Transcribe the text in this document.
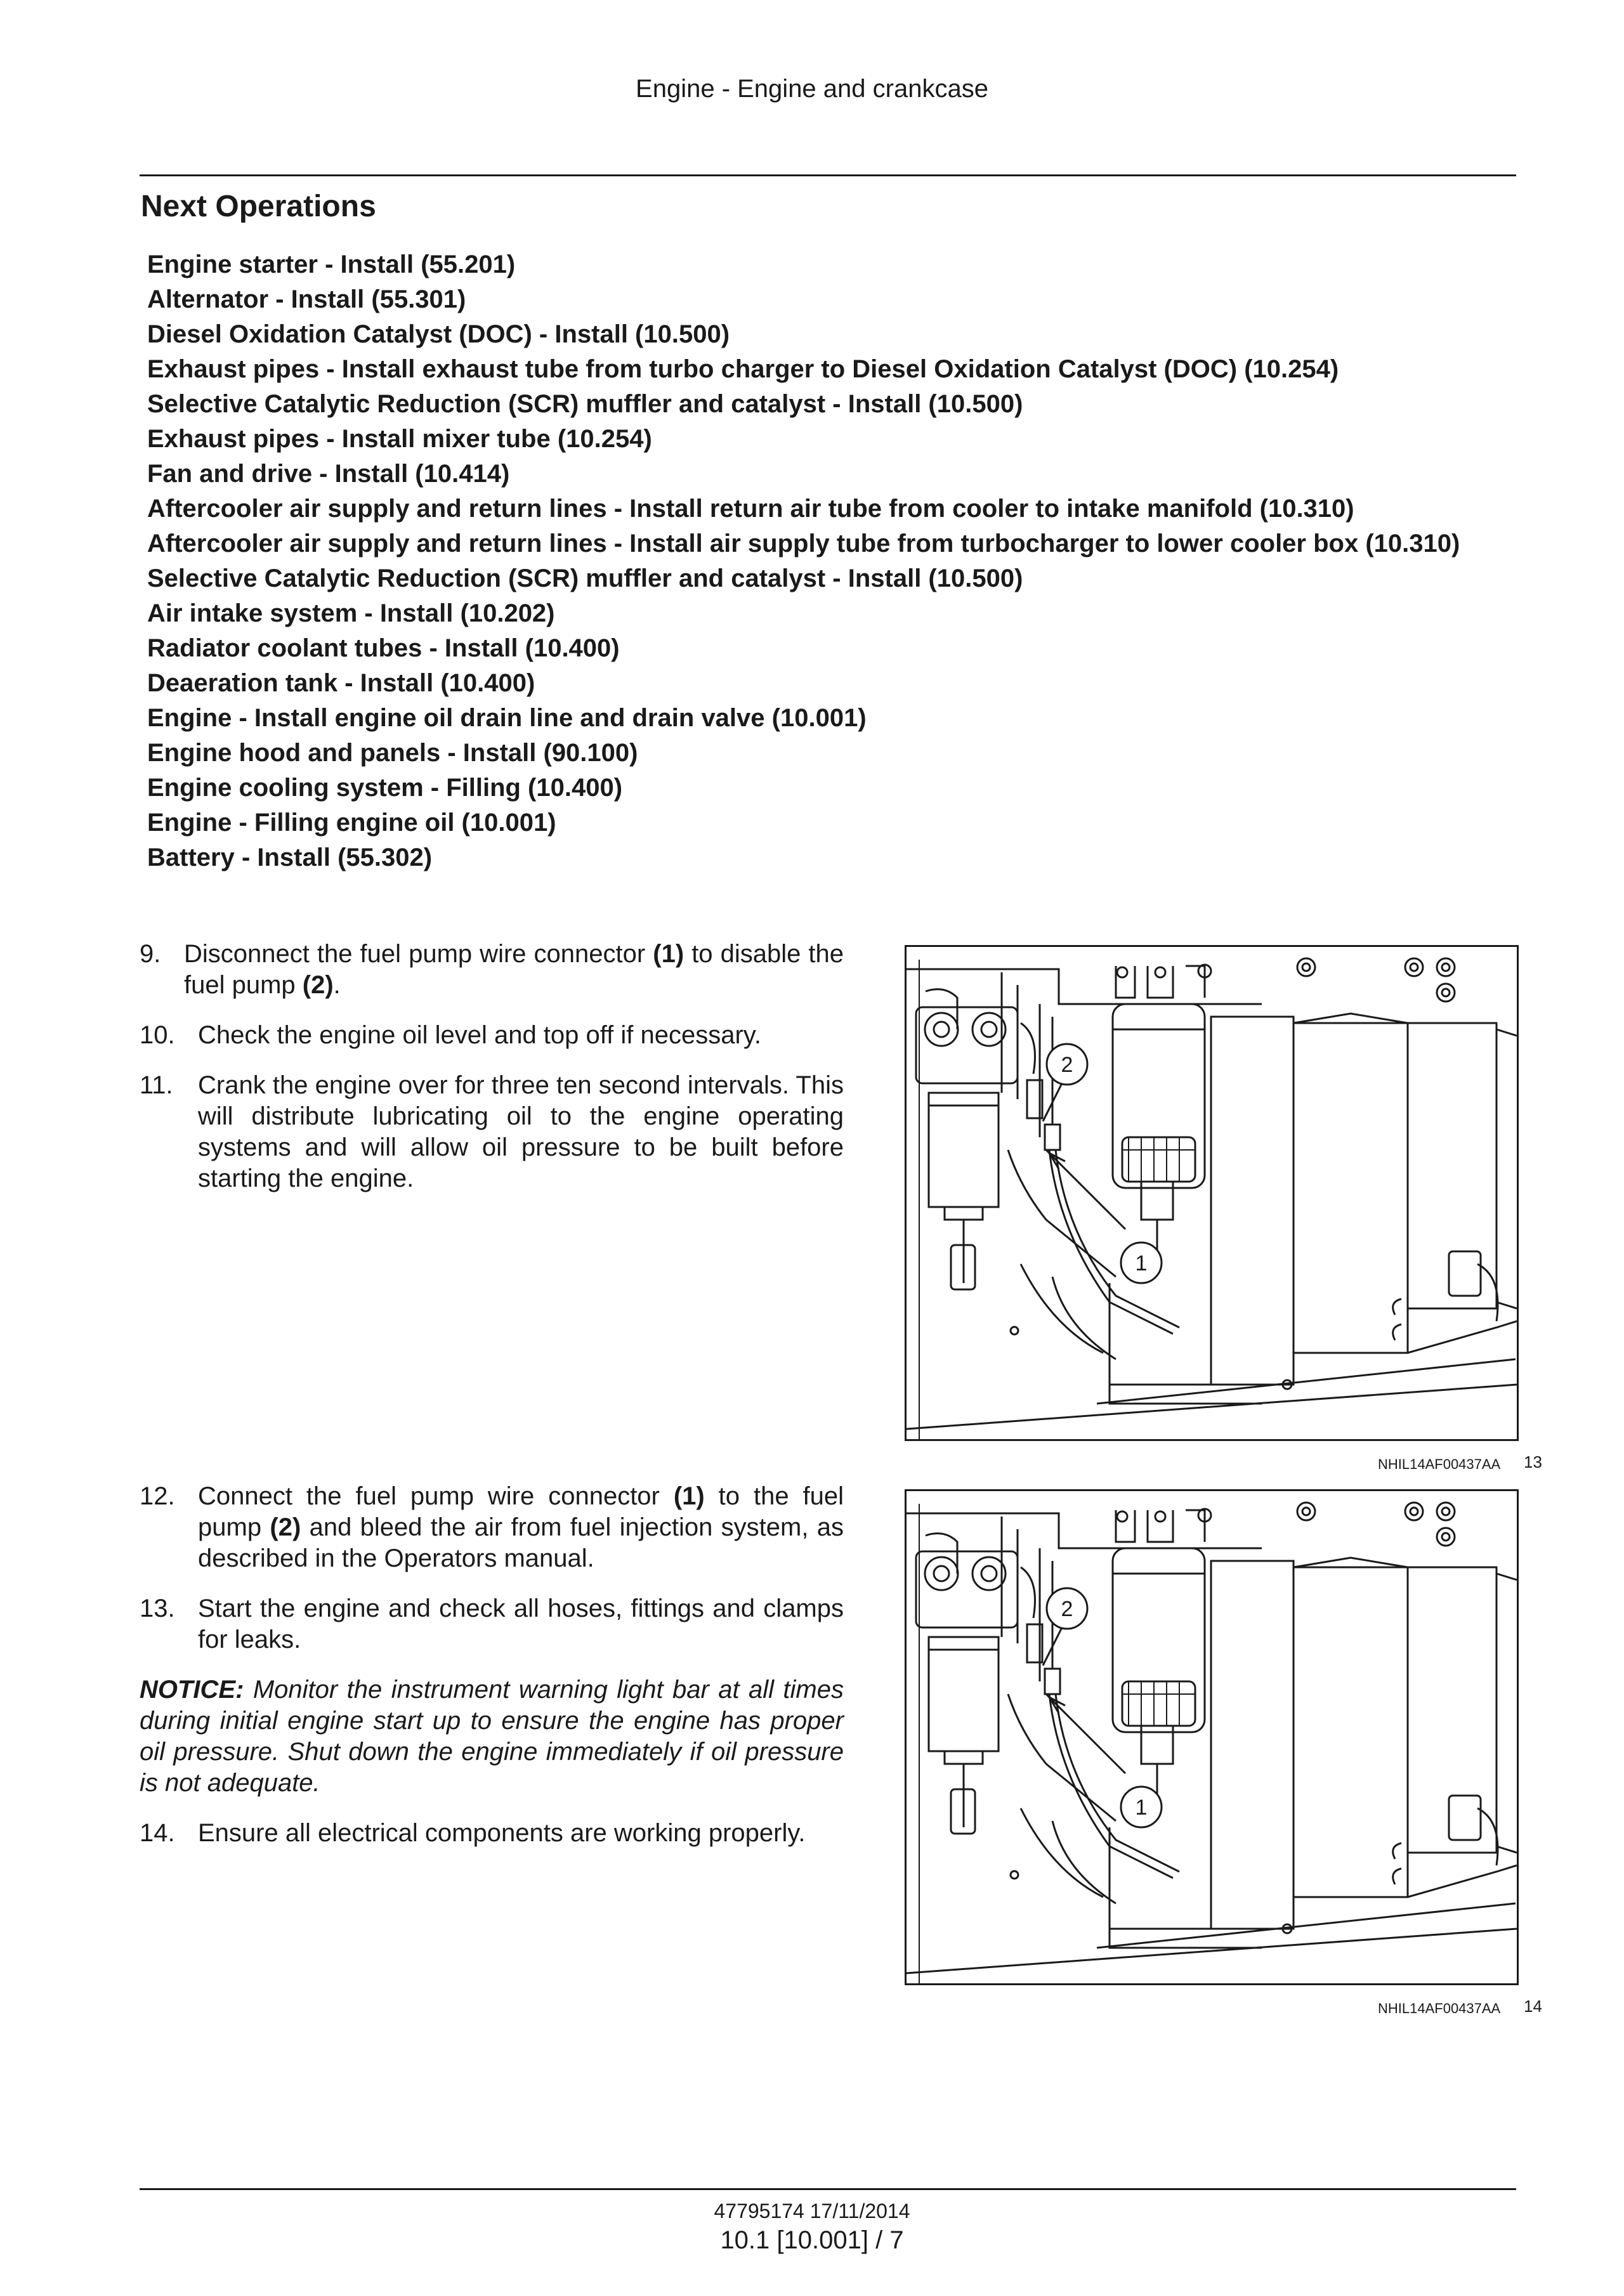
Engine - Engine and crankcase
Next Operations
Engine starter - Install (55.201)
Alternator - Install (55.301)
Diesel Oxidation Catalyst (DOC) - Install (10.500)
Exhaust pipes - Install exhaust tube from turbo charger to Diesel Oxidation Catalyst (DOC) (10.254)
Selective Catalytic Reduction (SCR) muffler and catalyst - Install (10.500)
Exhaust pipes - Install mixer tube (10.254)
Fan and drive - Install (10.414)
Aftercooler air supply and return lines - Install return air tube from cooler to intake manifold (10.310)
Aftercooler air supply and return lines - Install air supply tube from turbocharger to lower cooler box (10.310)
Selective Catalytic Reduction (SCR) muffler and catalyst - Install (10.500)
Air intake system - Install (10.202)
Radiator coolant tubes - Install (10.400)
Deaeration tank - Install (10.400)
Engine - Install engine oil drain line and drain valve (10.001)
Engine hood and panels - Install (90.100)
Engine cooling system - Filling (10.400)
Engine - Filling engine oil (10.001)
Battery - Install (55.302)
9. Disconnect the fuel pump wire connector (1) to disable the fuel pump (2).
10. Check the engine oil level and top off if necessary.
11. Crank the engine over for three ten second intervals. This will distribute lubricating oil to the engine operating systems and will allow oil pressure to be built before starting the engine.
12. Connect the fuel pump wire connector (1) to the fuel pump (2) and bleed the air from fuel injection system, as described in the Operators manual.
13. Start the engine and check all hoses, fittings and clamps for leaks.
NOTICE: Monitor the instrument warning light bar at all times during initial engine start up to ensure the engine has proper oil pressure. Shut down the engine immediately if oil pressure is not adequate.
14. Ensure all electrical components are working properly.
2
1
NHIL14AF00437AA 13
2
1
NHIL14AF00437AA 14
47795174 17/11/2014
10.1 [10.001] / 7
